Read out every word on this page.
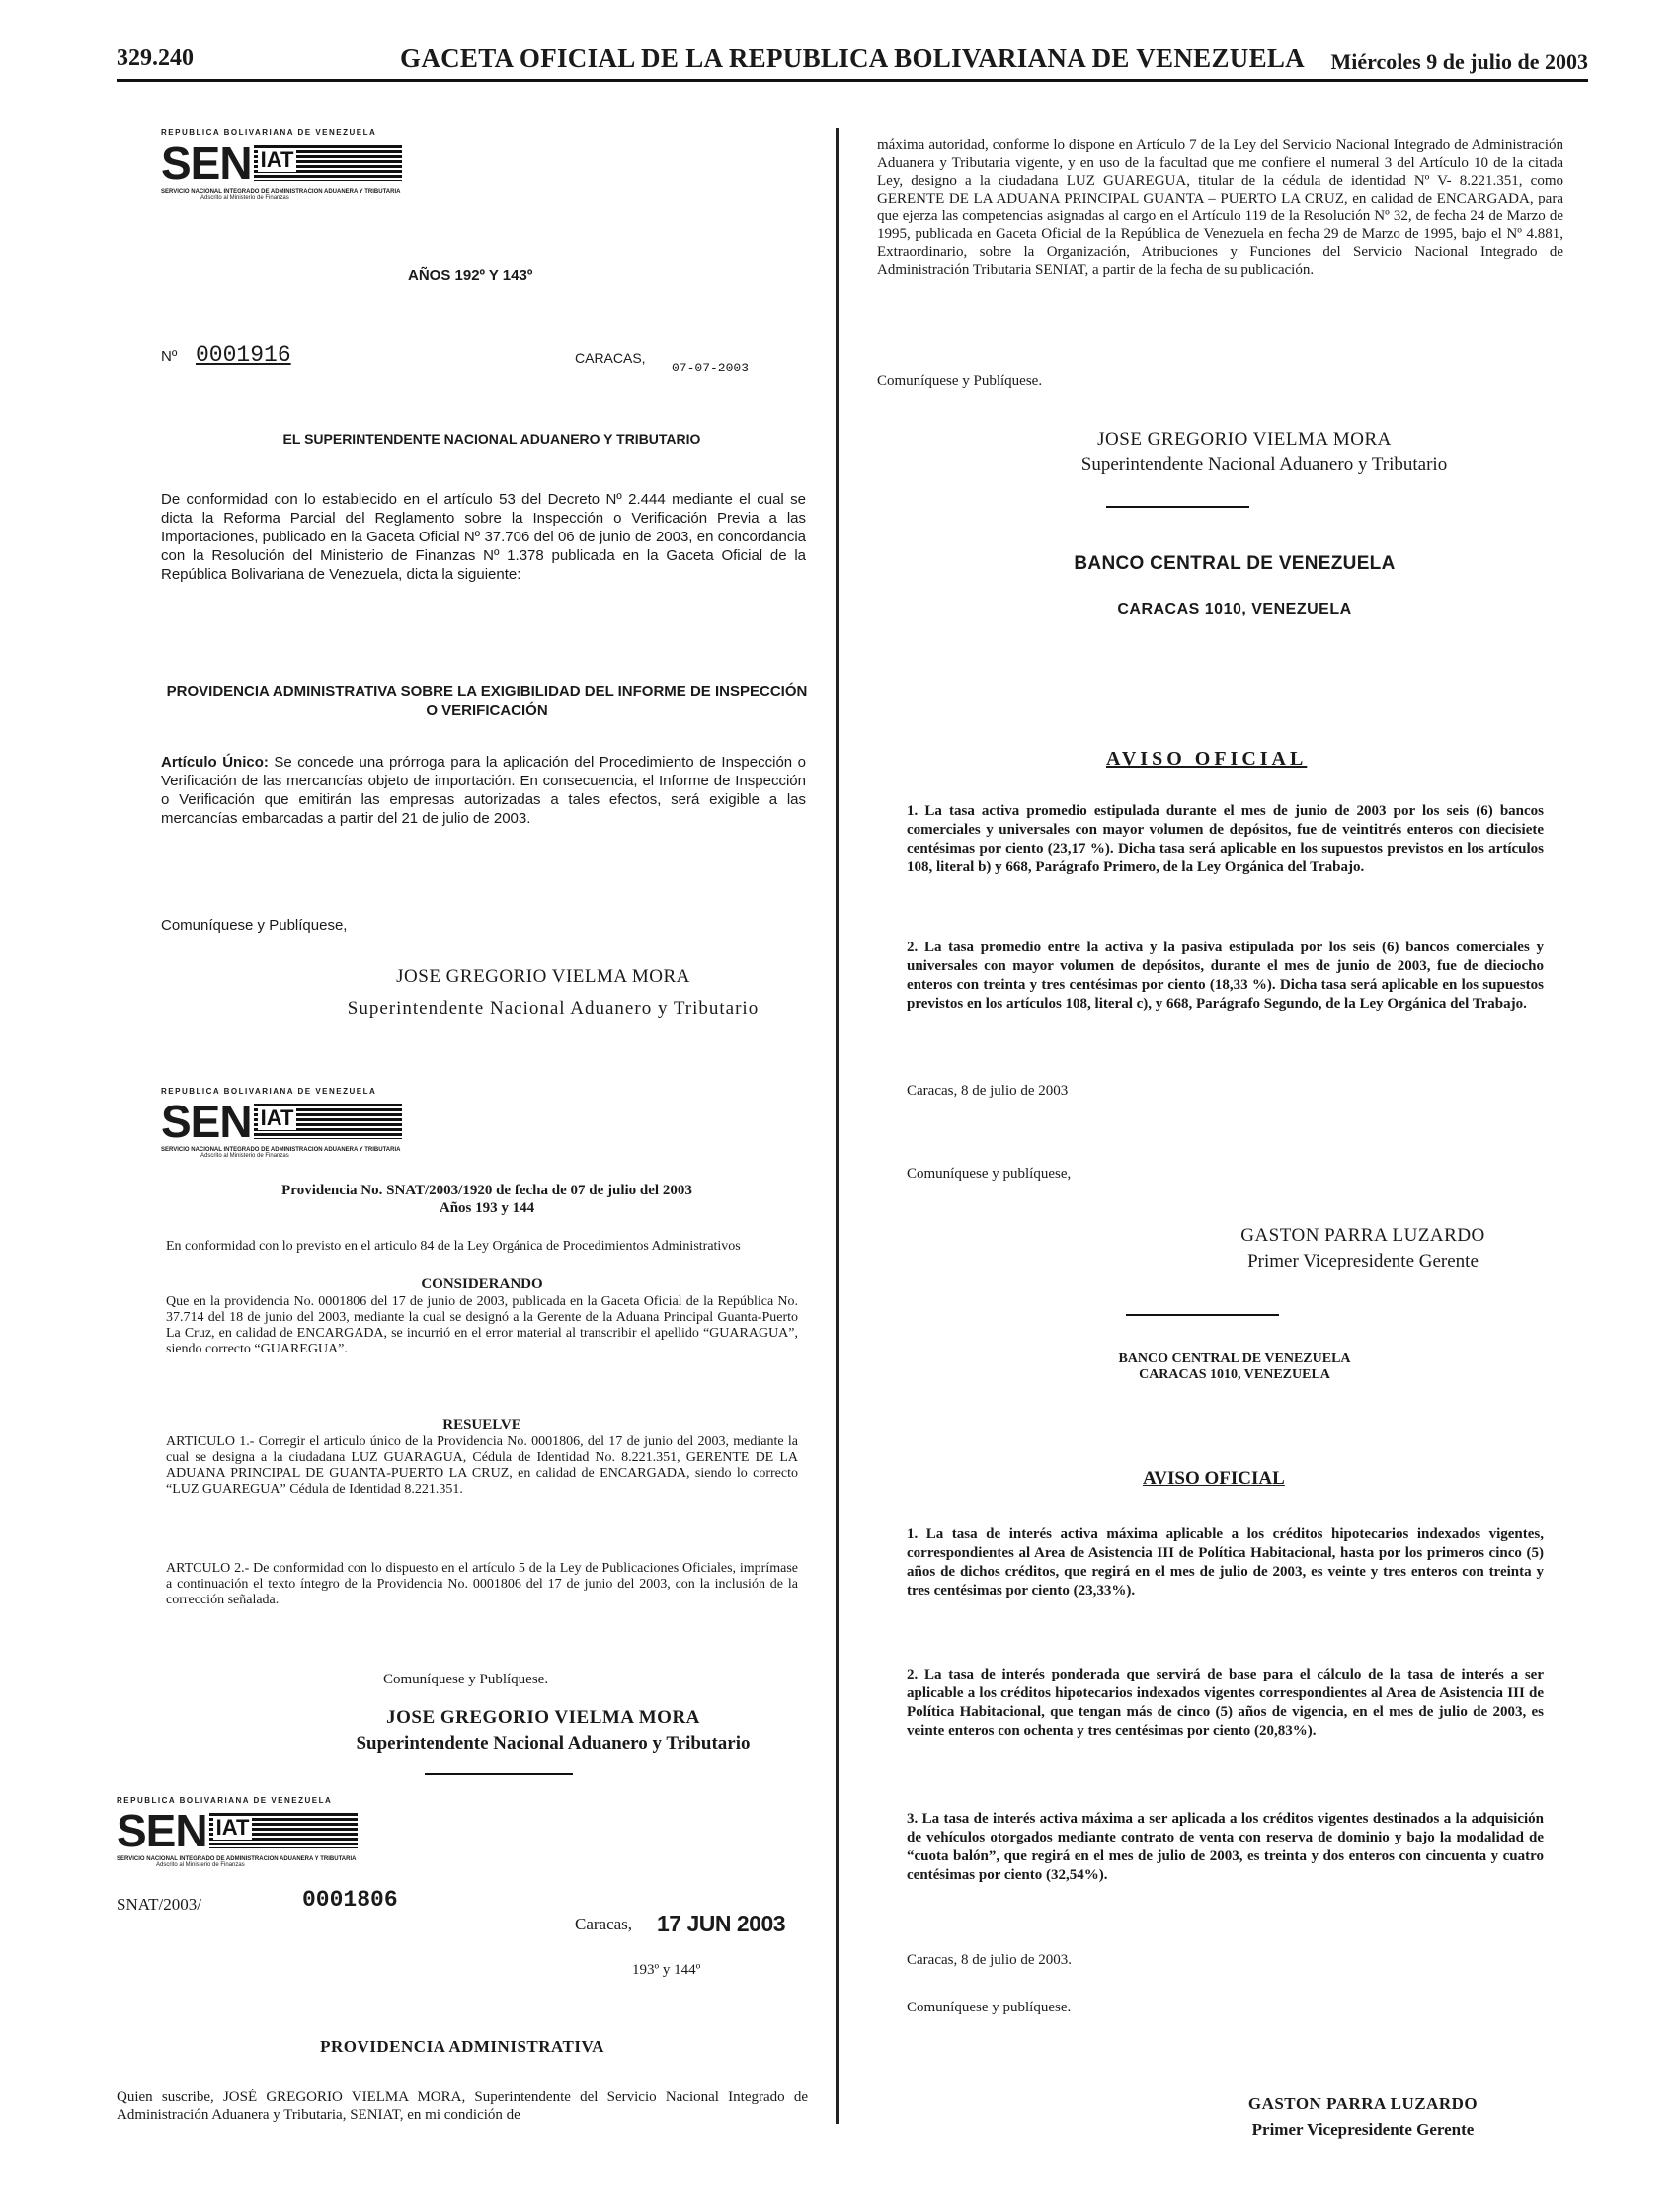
329.240	GACETA OFICIAL DE LA REPUBLICA BOLIVARIANA DE VENEZUELA	Miércoles 9 de julio de 2003
REPUBLICA BOLIVARIANA DE VENEZUELA
SEN IAT
SERVICIO NACIONAL INTEGRADO DE ADMINISTRACION ADUANERA Y TRIBUTARIA
Adscrito al Ministerio de Finanzas
AÑOS 192º Y 143º
Nº 0001916	CARACAS,
07-07-2003
EL SUPERINTENDENTE NACIONAL ADUANERO Y TRIBUTARIO
De conformidad con lo establecido en el artículo 53 del Decreto Nº 2.444 mediante el cual se dicta la Reforma Parcial del Reglamento sobre la Inspección o Verificación Previa a las Importaciones, publicado en la Gaceta Oficial Nº 37.706 del 06 de junio de 2003, en concordancia con la Resolución del Ministerio de Finanzas Nº 1.378 publicada en la Gaceta Oficial de la República Bolivariana de Venezuela, dicta la siguiente:
PROVIDENCIA ADMINISTRATIVA SOBRE LA EXIGIBILIDAD DEL INFORME DE INSPECCIÓN O VERIFICACIÓN
Artículo Único: Se concede una prórroga para la aplicación del Procedimiento de Inspección o Verificación de las mercancías objeto de importación. En consecuencia, el Informe de Inspección o Verificación que emitirán las empresas autorizadas a tales efectos, será exigible a las mercancías embarcadas a partir del 21 de julio de 2003.
Comuníquese y Publíquese,
JOSE GREGORIO VIELMA MORA
Superintendente Nacional Aduanero y Tributario
REPUBLICA BOLIVARIANA DE VENEZUELA
SEN IAT
SERVICIO NACIONAL INTEGRADO DE ADMINISTRACION ADUANERA Y TRIBUTARIA
Adscrito al Ministerio de Finanzas
Providencia No. SNAT/2003/1920 de fecha de 07 de julio del 2003
Años 193 y 144
En conformidad con lo previsto en el articulo 84 de la Ley Orgánica de Procedimientos Administrativos
CONSIDERANDO
Que en la providencia No. 0001806 del 17 de junio de 2003, publicada en la Gaceta Oficial de la República No. 37.714 del 18 de junio del 2003, mediante la cual se designó a la Gerente de la Aduana Principal Guanta-Puerto La Cruz, en calidad de ENCARGADA, se incurrió en el error material al transcribir el apellido “GUARAGUA”, siendo correcto “GUAREGUA”.
RESUELVE
ARTICULO 1.- Corregir el articulo único de la Providencia No. 0001806, del 17 de junio del 2003, mediante la cual se designa a la ciudadana LUZ GUARAGUA, Cédula de Identidad No. 8.221.351, GERENTE DE LA ADUANA PRINCIPAL DE GUANTA-PUERTO LA CRUZ, en calidad de ENCARGADA, siendo lo correcto “LUZ GUAREGUA” Cédula de Identidad 8.221.351.
ARTCULO 2.- De conformidad con lo dispuesto en el artículo 5 de la Ley de Publicaciones Oficiales, imprímase a continuación el texto íntegro de la Providencia No. 0001806 del 17 de junio del 2003, con la inclusión de la corrección señalada.
Comuníquese y Publíquese.
JOSE GREGORIO VIELMA MORA
Superintendente Nacional Aduanero y Tributario
REPUBLICA BOLIVARIANA DE VENEZUELA
SEN IAT
SERVICIO NACIONAL INTEGRADO DE ADMINISTRACION ADUANERA Y TRIBUTARIA
Adscrito al Ministerio de Finanzas
SNAT/2003/	0001806
Caracas, 17 JUN 2003
193º y 144º
PROVIDENCIA ADMINISTRATIVA
Quien suscribe, JOSÉ GREGORIO VIELMA MORA, Superintendente del Servicio Nacional Integrado de Administración Aduanera y Tributaria, SENIAT, en mi condición de
máxima autoridad, conforme lo dispone en Artículo 7 de la Ley del Servicio Nacional Integrado de Administración Aduanera y Tributaria vigente, y en uso de la facultad que me confiere el numeral 3 del Artículo 10 de la citada Ley, designo a la ciudadana LUZ GUAREGUA, titular de la cédula de identidad Nº V- 8.221.351, como GERENTE DE LA ADUANA PRINCIPAL GUANTA – PUERTO LA CRUZ, en calidad de ENCARGADA, para que ejerza las competencias asignadas al cargo en el Artículo 119 de la Resolución Nº 32, de fecha 24 de Marzo de 1995, publicada en Gaceta Oficial de la República de Venezuela en fecha 29 de Marzo de 1995, bajo el Nº 4.881, Extraordinario, sobre la Organización, Atribuciones y Funciones del Servicio Nacional Integrado de Administración Tributaria SENIAT, a partir de la fecha de su publicación.
Comuníquese y Publíquese.
JOSE GREGORIO VIELMA MORA
Superintendente Nacional Aduanero y Tributario
BANCO CENTRAL DE VENEZUELA
CARACAS 1010, VENEZUELA
AVISO OFICIAL
1. La tasa activa promedio estipulada durante el mes de junio de 2003 por los seis (6) bancos comerciales y universales con mayor volumen de depósitos, fue de veintitrés enteros con diecisiete centésimas por ciento (23,17 %). Dicha tasa será aplicable en los supuestos previstos en los artículos 108, literal b) y 668, Parágrafo Primero, de la Ley Orgánica del Trabajo.
2. La tasa promedio entre la activa y la pasiva estipulada por los seis (6) bancos comerciales y universales con mayor volumen de depósitos, durante el mes de junio de 2003, fue de dieciocho enteros con treinta y tres centésimas por ciento (18,33 %). Dicha tasa será aplicable en los supuestos previstos en los artículos 108, literal c), y 668, Parágrafo Segundo, de la Ley Orgánica del Trabajo.
Caracas, 8 de julio de 2003
Comuníquese y publíquese,
GASTON PARRA LUZARDO
Primer Vicepresidente Gerente
BANCO CENTRAL DE VENEZUELA
CARACAS 1010, VENEZUELA
AVISO OFICIAL
1. La tasa de interés activa máxima aplicable a los créditos hipotecarios indexados vigentes, correspondientes al Area de Asistencia III de Política Habitacional, hasta por los primeros cinco (5) años de dichos créditos, que regirá en el mes de julio de 2003, es veinte y tres enteros con treinta y tres centésimas por ciento (23,33%).
2. La tasa de interés ponderada que servirá de base para el cálculo de la tasa de interés a ser aplicable a los créditos hipotecarios indexados vigentes correspondientes al Area de Asistencia III de Política Habitacional, que tengan más de cinco (5) años de vigencia, en el mes de julio de 2003, es veinte enteros con ochenta y tres centésimas por ciento (20,83%).
3. La tasa de interés activa máxima a ser aplicada a los créditos vigentes destinados a la adquisición de vehículos otorgados mediante contrato de venta con reserva de dominio y bajo la modalidad de “cuota balón”, que regirá en el mes de julio de 2003, es treinta y dos enteros con cincuenta y cuatro centésimas por ciento (32,54%).
Caracas, 8 de julio de 2003.
Comuníquese y publíquese.
GASTON PARRA LUZARDO
Primer Vicepresidente Gerente
